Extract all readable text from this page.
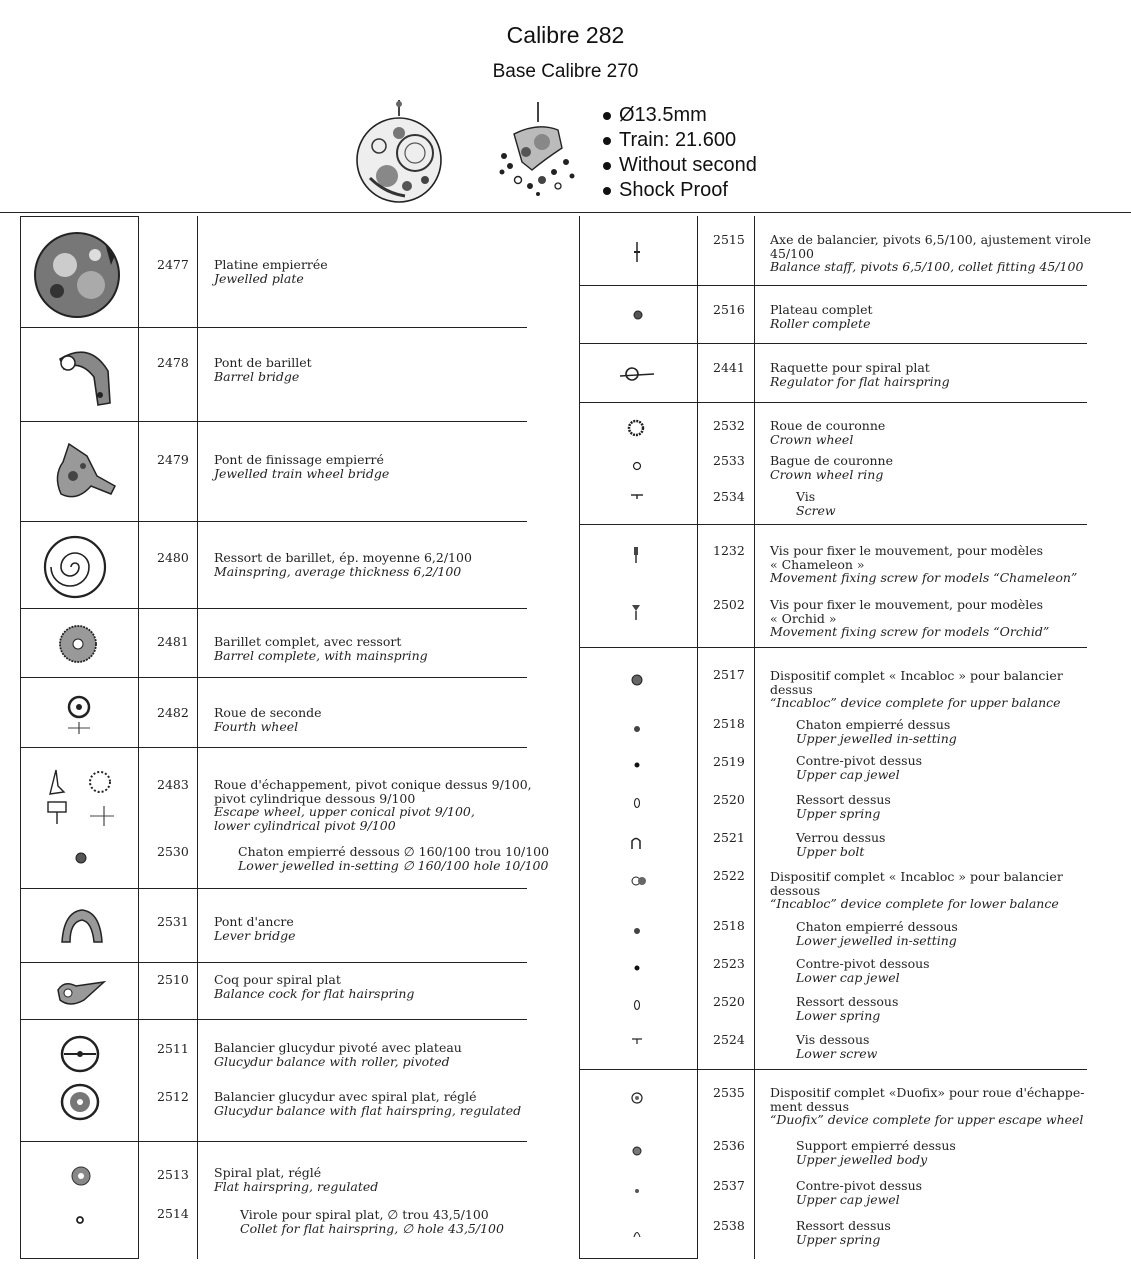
Calibre 282
Base Calibre 270
Ø13.5mm
Train: 21.600
Without second
Shock Proof
2477 Platine empierrée
Jewelled plate
2478 Pont de barillet
Barrel bridge
2479 Pont de finissage empierré
Jewelled train wheel bridge
2480 Ressort de barillet, ép. moyenne 6,2/100
Mainspring, average thickness 6,2/100
2481 Barillet complet, avec ressort
Barrel complete, with mainspring
2482 Roue de seconde
Fourth wheel
2483 Roue d'échappement, pivot conique dessus 9/100,
pivot cylindrique dessous 9/100
Escape wheel, upper conical pivot 9/100,
lower cylindrical pivot 9/100
2530	Chaton empierré dessous ∅ 160/100 trou 10/100
Lower jewelled in-setting ∅ 160/100 hole 10/100
2531 Pont d'ancre
Lever bridge
2510 Coq pour spiral plat
Balance cock for flat hairspring
2511 Balancier glucydur pivoté avec plateau
Glucydur balance with roller, pivoted
2512 Balancier glucydur avec spiral plat, réglé
Glucydur balance with flat hairspring, regulated
2513 Spiral plat, réglé
Flat hairspring, regulated
2514	Virole pour spiral plat, ∅ trou 43,5/100
Collet for flat hairspring, ∅ hole 43,5/100
2515 Axe de balancier, pivots 6,5/100, ajustement virole
45/100
Balance staff, pivots 6,5/100, collet fitting 45/100
2516 Plateau complet
Roller complete
2441 Raquette pour spiral plat
Regulator for flat hairspring
2532 Roue de couronne
Crown wheel
2533 Bague de couronne
Crown wheel ring
2534	Vis
Screw
1232 Vis pour fixer le mouvement, pour modèles
« Chameleon »
Movement fixing screw for models “Chameleon”
2502 Vis pour fixer le mouvement, pour modèles
« Orchid »
Movement fixing screw for models “Orchid”
2517 Dispositif complet « Incabloc » pour balancier
dessus
“Incabloc” device complete for upper balance
2518	Chaton empierré dessus
Upper jewelled in-setting
2519	Contre-pivot dessus
Upper cap jewel
2520	Ressort dessus
Upper spring
2521	Verrou dessus
Upper bolt
2522 Dispositif complet « Incabloc » pour balancier
dessous
“Incabloc” device complete for lower balance
2518	Chaton empierré dessous
Lower jewelled in-setting
2523	Contre-pivot dessous
Lower cap jewel
2520	Ressort dessous
Lower spring
2524	Vis dessous
Lower screw
2535 Dispositif complet «Duofix» pour roue d'échappe-
ment dessus
“Duofix” device complete for upper escape wheel
2536	Support empierré dessus
Upper jewelled body
2537	Contre-pivot dessus
Upper cap jewel
2538	Ressort dessus
Upper spring
